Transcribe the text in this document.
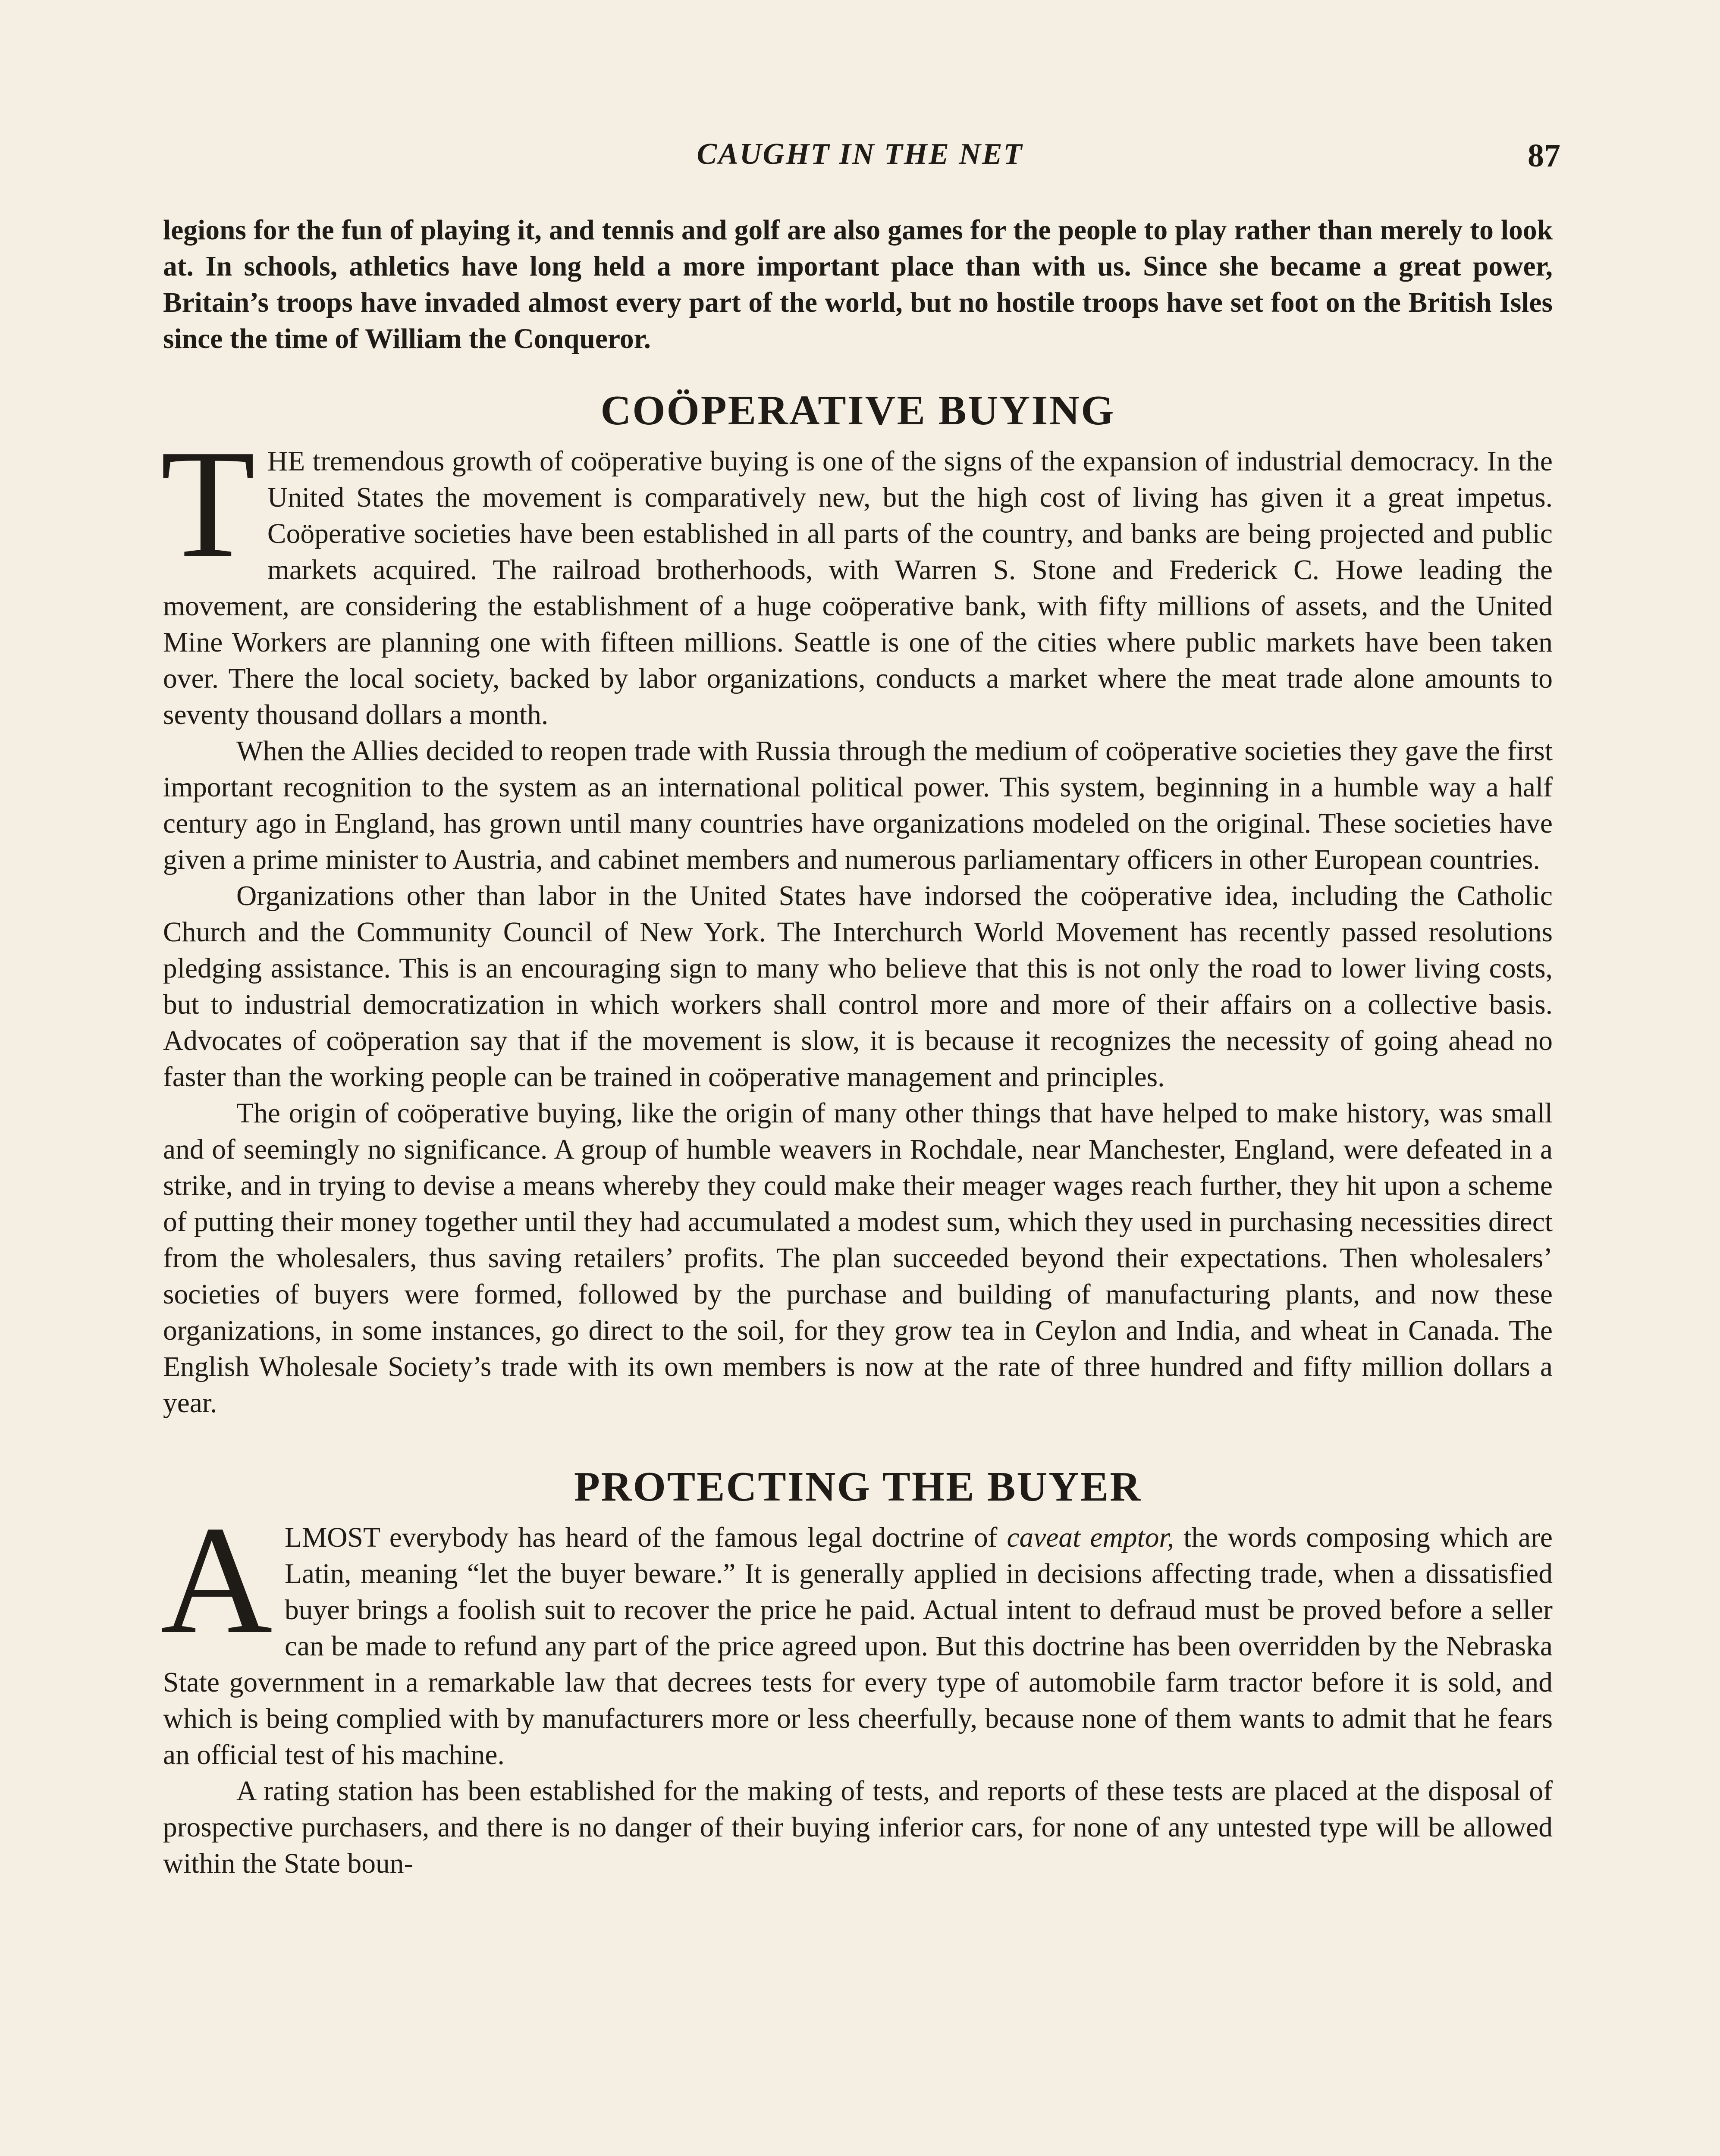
CAUGHT IN THE NET	87

legions for the fun of playing it, and tennis and golf are also games for the people to play rather than merely to look at. In schools, athletics have long held a more important place than with us. Since she became a great power, Britain’s troops have invaded almost every part of the world, but no hostile troops have set foot on the British Isles since the time of William the Conqueror.

COÖPERATIVE BUYING

THE tremendous growth of coöperative buying is one of the signs of the expansion of industrial democracy. In the United States the movement is comparatively new, but the high cost of living has given it a great impetus. Coöperative societies have been established in all parts of the country, and banks are being projected and public markets acquired. The railroad brotherhoods, with Warren S. Stone and Frederick C. Howe leading the movement, are considering the establishment of a huge coöperative bank, with fifty millions of assets, and the United Mine Workers are planning one with fifteen millions. Seattle is one of the cities where public markets have been taken over. There the local society, backed by labor organizations, conducts a market where the meat trade alone amounts to seventy thousand dollars a month.

When the Allies decided to reopen trade with Russia through the medium of coöperative societies they gave the first important recognition to the system as an international political power. This system, beginning in a humble way a half century ago in England, has grown until many countries have organizations modeled on the original. These societies have given a prime minister to Austria, and cabinet members and numerous parliamentary officers in other European countries.

Organizations other than labor in the United States have indorsed the coöperative idea, including the Catholic Church and the Community Council of New York. The Interchurch World Movement has recently passed resolutions pledging assistance. This is an encouraging sign to many who believe that this is not only the road to lower living costs, but to industrial democratization in which workers shall control more and more of their affairs on a collective basis. Advocates of coöperation say that if the movement is slow, it is because it recognizes the necessity of going ahead no faster than the working people can be trained in coöperative management and principles.

The origin of coöperative buying, like the origin of many other things that have helped to make history, was small and of seemingly no significance. A group of humble weavers in Rochdale, near Manchester, England, were defeated in a strike, and in trying to devise a means whereby they could make their meager wages reach further, they hit upon a scheme of putting their money together until they had accumulated a modest sum, which they used in purchasing necessities direct from the wholesalers, thus saving retailers’ profits. The plan succeeded beyond their expectations. Then wholesalers’ societies of buyers were formed, followed by the purchase and building of manufacturing plants, and now these organizations, in some instances, go direct to the soil, for they grow tea in Ceylon and India, and wheat in Canada. The English Wholesale Society’s trade with its own members is now at the rate of three hundred and fifty million dollars a year.

PROTECTING THE BUYER

ALMOST everybody has heard of the famous legal doctrine of caveat emptor, the words composing which are Latin, meaning “let the buyer beware.” It is generally applied in decisions affecting trade, when a dissatisfied buyer brings a foolish suit to recover the price he paid. Actual intent to defraud must be proved before a seller can be made to refund any part of the price agreed upon. But this doctrine has been overridden by the Nebraska State government in a remarkable law that decrees tests for every type of automobile farm tractor before it is sold, and which is being complied with by manufacturers more or less cheerfully, because none of them wants to admit that he fears an official test of his machine.

A rating station has been established for the making of tests, and reports of these tests are placed at the disposal of prospective purchasers, and there is no danger of their buying inferior cars, for none of any untested type will be allowed within the State boun-
